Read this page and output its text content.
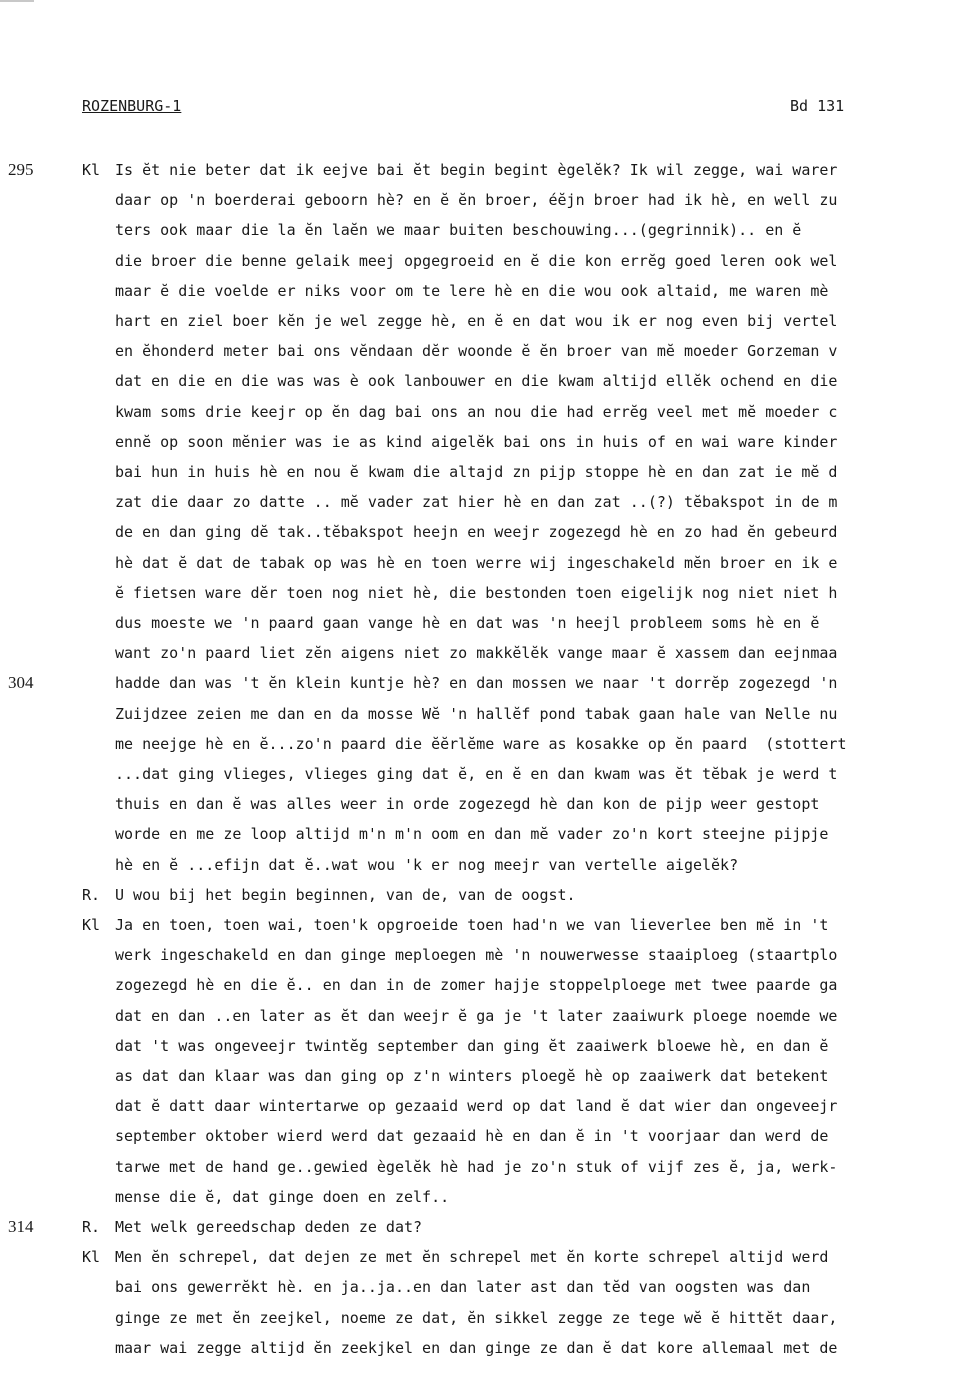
ROZENBURG-1	Bd 131
295	Kl Is ĕt nie beter dat ik eejve bai ĕt begin begint ègelĕk? Ik wil zegge, wai warer
daar op 'n boerderai geboorn hè? en ĕ ĕn broer, éĕjn broer had ik hè, en well zu
ters ook maar die la ĕn laĕn we maar buiten beschouwing...(gegrinnik).. en ĕ
die broer die benne gelaik meej opgegroeid en ĕ die kon errĕg goed leren ook wel
maar ĕ die voelde er niks voor om te lere hè en die wou ook altaid, me waren mè
hart en ziel boer kĕn je wel zegge hè, en ĕ en dat wou ik er nog even bij vertel
en ĕhonderd meter bai ons vĕndaan dĕr woonde ĕ ĕn broer van mĕ moeder Gorzeman v
dat en die en die was was è ook lanbouwer en die kwam altijd ellĕk ochend en die
kwam soms drie keejr op ĕn dag bai ons an nou die had errĕg veel met mĕ moeder c
ennĕ op soon mĕnier was ie as kind aigelĕk bai ons in huis of en wai ware kinder
bai hun in huis hè en nou ĕ kwam die altajd zn pijp stoppe hè en dan zat ie mĕ d
zat die daar zo datte .. mĕ vader zat hier hè en dan zat ..(?) tĕbakspot in de m
de en dan ging dĕ tak..tĕbakspot heejn en weejr zogezegd hè en zo had ĕn gebeurd
hè dat ĕ dat de tabak op was hè en toen werre wij ingeschakeld mĕn broer en ik e
ĕ fietsen ware dĕr toen nog niet hè, die bestonden toen eigelijk nog niet niet h
dus moeste we 'n paard gaan vange hè en dat was 'n heejl probleem soms hè en ĕ
want zo'n paard liet zĕn aigens niet zo makkĕlĕk vange maar ĕ xassem dan eejnmaa
304	hadde dan was 't ĕn klein kuntje hè? en dan mossen we naar 't dorrĕp zogezegd 'n
Zuijdzee zeien me dan en da mosse Wĕ 'n hallĕf pond tabak gaan hale van Nelle nu
me neejge hè en ĕ...zo'n paard die ĕĕrlĕme ware as kosakke op ĕn paard  (stottert
...dat ging vlieges, vlieges ging dat ĕ, en ĕ en dan kwam was ĕt tĕbak je werd t
thuis en dan ĕ was alles weer in orde zogezegd hè dan kon de pijp weer gestopt
worde en me ze loop altijd m'n m'n oom en dan mĕ vader zo'n kort steejne pijpje
hè en ĕ ...efijn dat ĕ..wat wou 'k er nog meejr van vertelle aigelĕk?
R. U wou bij het begin beginnen, van de, van de oogst.
Kl Ja en toen, toen wai, toen'k opgroeide toen had'n we van lieverlee ben mĕ in 't
werk ingeschakeld en dan ginge meploegen mè 'n nouwerwesse staaiploeg (staartplo
zogezegd hè en die ĕ.. en dan in de zomer hajje stoppelploege met twee paarde ga
dat en dan ..en later as ĕt dan weejr ĕ ga je 't later zaaiwurk ploege noemde we
dat 't was ongeveejr twintĕg september dan ging ĕt zaaiwerk bloewe hè, en dan ĕ
as dat dan klaar was dan ging op z'n winters ploegĕ hè op zaaiwerk dat betekent
dat ĕ datt daar wintertarwe op gezaaid werd op dat land ĕ dat wier dan ongeveejr
september oktober wierd werd dat gezaaid hè en dan ĕ in 't voorjaar dan werd de
tarwe met de hand ge..gewied ègelĕk hè had je zo'n stuk of vijf zes ĕ, ja, werk-
mense die ĕ, dat ginge doen en zelf..
314	R. Met welk gereedschap deden ze dat?
Kl Men ĕn schrepel, dat dejen ze met ĕn schrepel met ĕn korte schrepel altijd werd
bai ons gewerrĕkt hè. en ja..ja..en dan later ast dan tĕd van oogsten was dan
ginge ze met ĕn zeejkel, noeme ze dat, ĕn sikkel zegge ze tege wĕ ĕ hittĕt daar,
maar wai zegge altijd ĕn zeekjkel en dan ginge ze dan ĕ dat kore allemaal met de
